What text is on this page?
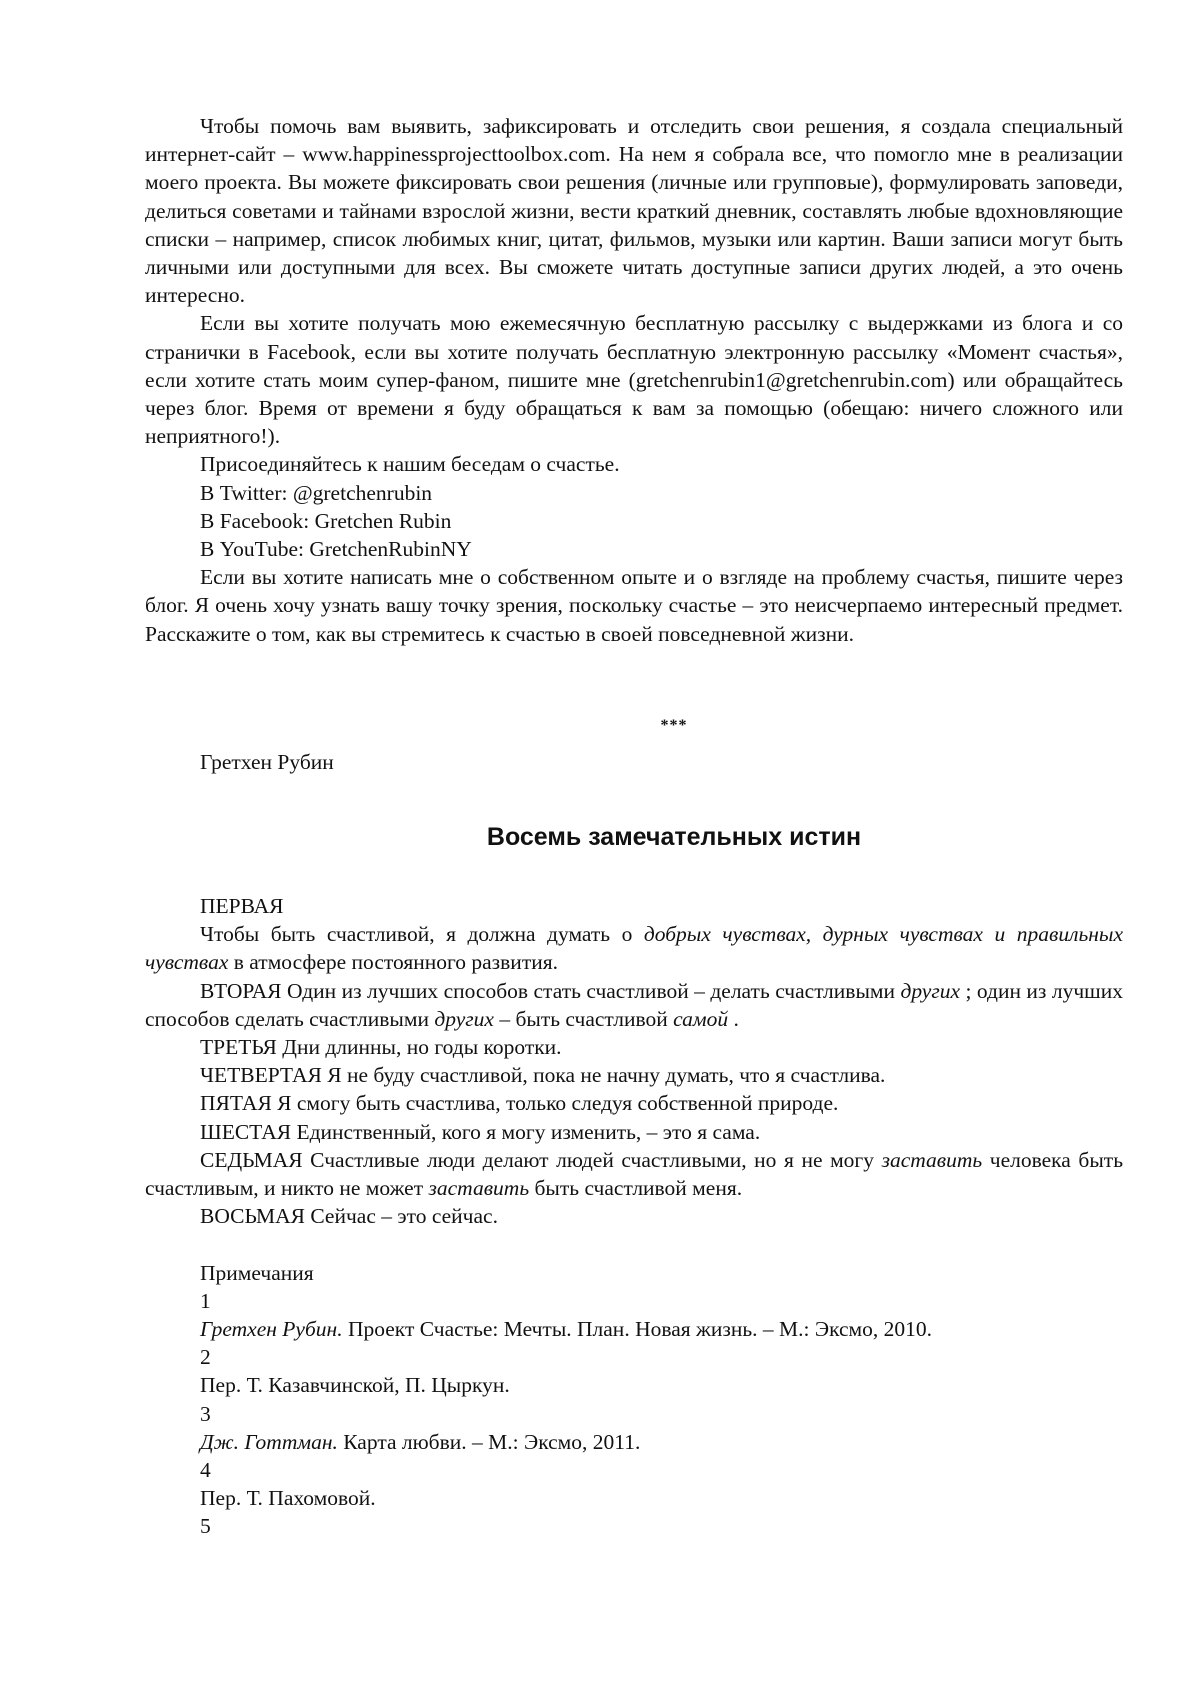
Чтобы помочь вам выявить, зафиксировать и отследить свои решения, я создала специальный интернет-сайт – www.happinessprojecttoolbox.com. На нем я собрала все, что помогло мне в реализации моего проекта. Вы можете фиксировать свои решения (личные или групповые), формулировать заповеди, делиться советами и тайнами взрослой жизни, вести краткий дневник, составлять любые вдохновляющие списки – например, список любимых книг, цитат, фильмов, музыки или картин. Ваши записи могут быть личными или доступными для всех. Вы сможете читать доступные записи других людей, а это очень интересно.

Если вы хотите получать мою ежемесячную бесплатную рассылку с выдержками из блога и со странички в Facebook, если вы хотите получать бесплатную электронную рассылку «Момент счастья», если хотите стать моим супер-фаном, пишите мне (gretchenrubin1@gretchenrubin.com) или обращайтесь через блог. Время от времени я буду обращаться к вам за помощью (обещаю: ничего сложного или неприятного!).

Присоединяйтесь к нашим беседам о счастье.

В Twitter: @gretchenrubin

В Facebook: Gretchen Rubin

В YouTube: GretchenRubinNY

Если вы хотите написать мне о собственном опыте и о взгляде на проблему счастья, пишите через блог. Я очень хочу узнать вашу точку зрения, поскольку счастье – это неисчерпаемо интересный предмет. Расскажите о том, как вы стремитесь к счастью в своей повседневной жизни.

***

Гретхен Рубин

Восемь замечательных истин

ПЕРВАЯ

Чтобы быть счастливой, я должна думать о добрых чувствах, дурных чувствах и правильных чувствах в атмосфере постоянного развития.

ВТОРАЯ Один из лучших способов стать счастливой – делать счастливыми других ; один из лучших способов сделать счастливыми других – быть счастливой самой .

ТРЕТЬЯ Дни длинны, но годы коротки.

ЧЕТВЕРТАЯ Я не буду счастливой, пока не начну думать, что я счастлива.

ПЯТАЯ Я смогу быть счастлива, только следуя собственной природе.

ШЕСТАЯ Единственный, кого я могу изменить, – это я сама.

СЕДЬМАЯ Счастливые люди делают людей счастливыми, но я не могу заставить человека быть счастливым, и никто не может заставить быть счастливой меня.

ВОСЬМАЯ Сейчас – это сейчас.

Примечания

1

Гретхен Рубин. Проект Счастье: Мечты. План. Новая жизнь. – М.: Эксмо, 2010.

2

Пер. Т. Казавчинской, П. Цыркун.

3

Дж. Готтман. Карта любви. – М.: Эксмо, 2011.

4

Пер. Т. Пахомовой.

5
